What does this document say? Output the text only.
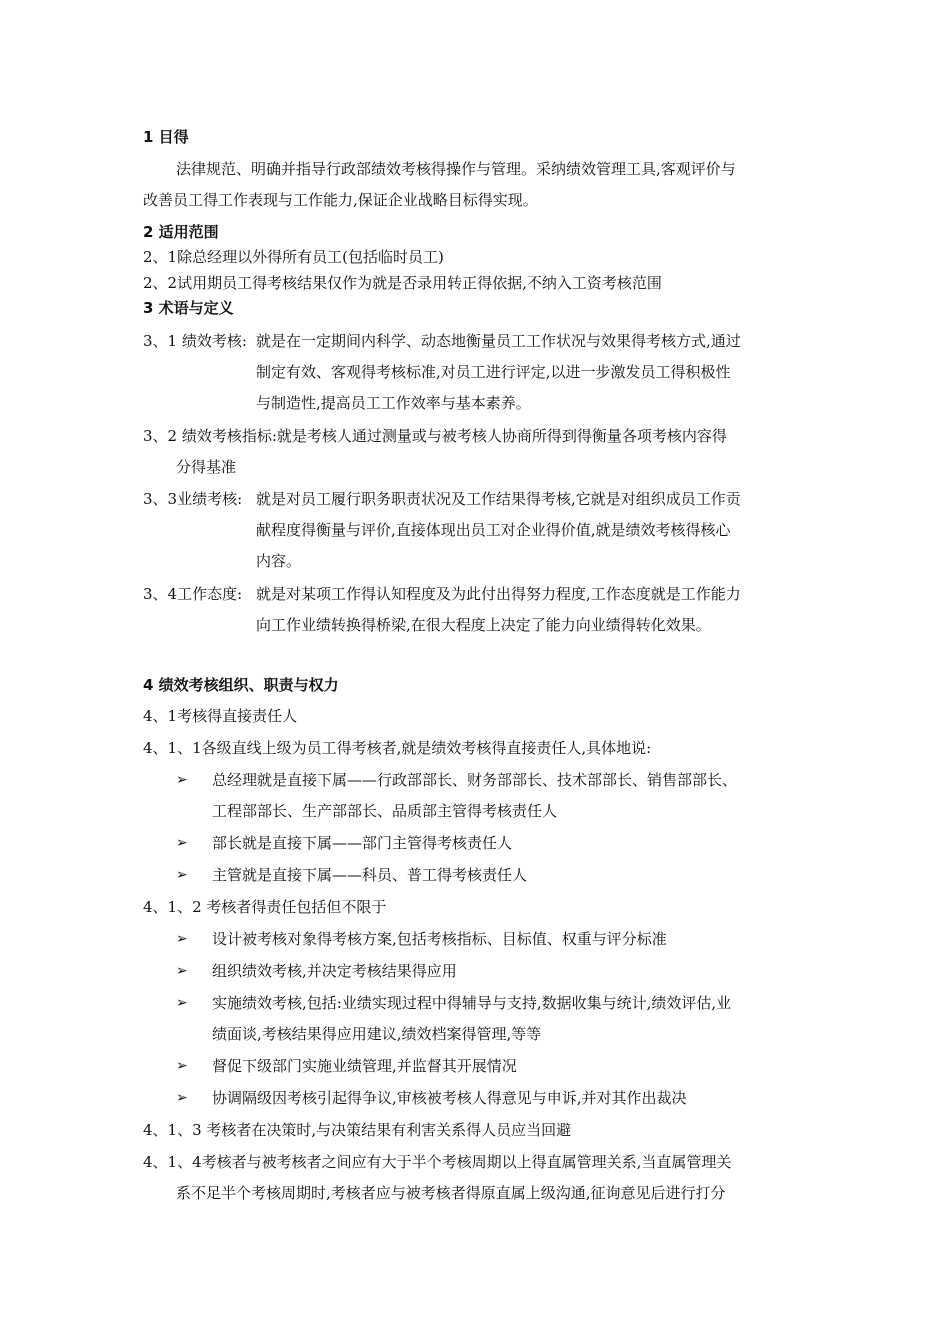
1 目得
法律规范、明确并指导行政部绩效考核得操作与管理。采纳绩效管理工具,客观评价与
改善员工得工作表现与工作能力,保证企业战略目标得实现。
2 适用范围
2、1除总经理以外得所有员工(包括临时员工)
2、2试用期员工得考核结果仅作为就是否录用转正得依据,不纳入工资考核范围
3 术语与定义
3、1 绩效考核: 就是在一定期间内科学、动态地衡量员工工作状况与效果得考核方式,通过
制定有效、客观得考核标准,对员工进行评定,以进一步激发员工得积极性
与制造性,提高员工工作效率与基本素养。
3、2 绩效考核指标:就是考核人通过测量或与被考核人协商所得到得衡量各项考核内容得
分得基准
3、3业绩考核: 就是对员工履行职务职责状况及工作结果得考核,它就是对组织成员工作贡
献程度得衡量与评价,直接体现出员工对企业得价值,就是绩效考核得核心
内容。
3、4工作态度: 就是对某项工作得认知程度及为此付出得努力程度,工作态度就是工作能力
向工作业绩转换得桥梁,在很大程度上决定了能力向业绩得转化效果。
4 绩效考核组织、职责与权力
4、1考核得直接责任人
4、1、1各级直线上级为员工得考核者,就是绩效考核得直接责任人,具体地说:
➢ 总经理就是直接下属——行政部部长、财务部部长、技术部部长、销售部部长、
工程部部长、生产部部长、品质部主管得考核责任人
➢ 部长就是直接下属——部门主管得考核责任人
➢ 主管就是直接下属——科员、普工得考核责任人
4、1、2 考核者得责任包括但不限于
➢ 设计被考核对象得考核方案,包括考核指标、目标值、权重与评分标准
➢ 组织绩效考核,并决定考核结果得应用
➢ 实施绩效考核,包括:业绩实现过程中得辅导与支持,数据收集与统计,绩效评估,业
绩面谈,考核结果得应用建议,绩效档案得管理,等等
➢ 督促下级部门实施业绩管理,并监督其开展情况
➢ 协调隔级因考核引起得争议,审核被考核人得意见与申诉,并对其作出裁决
4、1、3 考核者在决策时,与决策结果有利害关系得人员应当回避
4、1、4考核者与被考核者之间应有大于半个考核周期以上得直属管理关系,当直属管理关
系不足半个考核周期时,考核者应与被考核者得原直属上级沟通,征询意见后进行打分
